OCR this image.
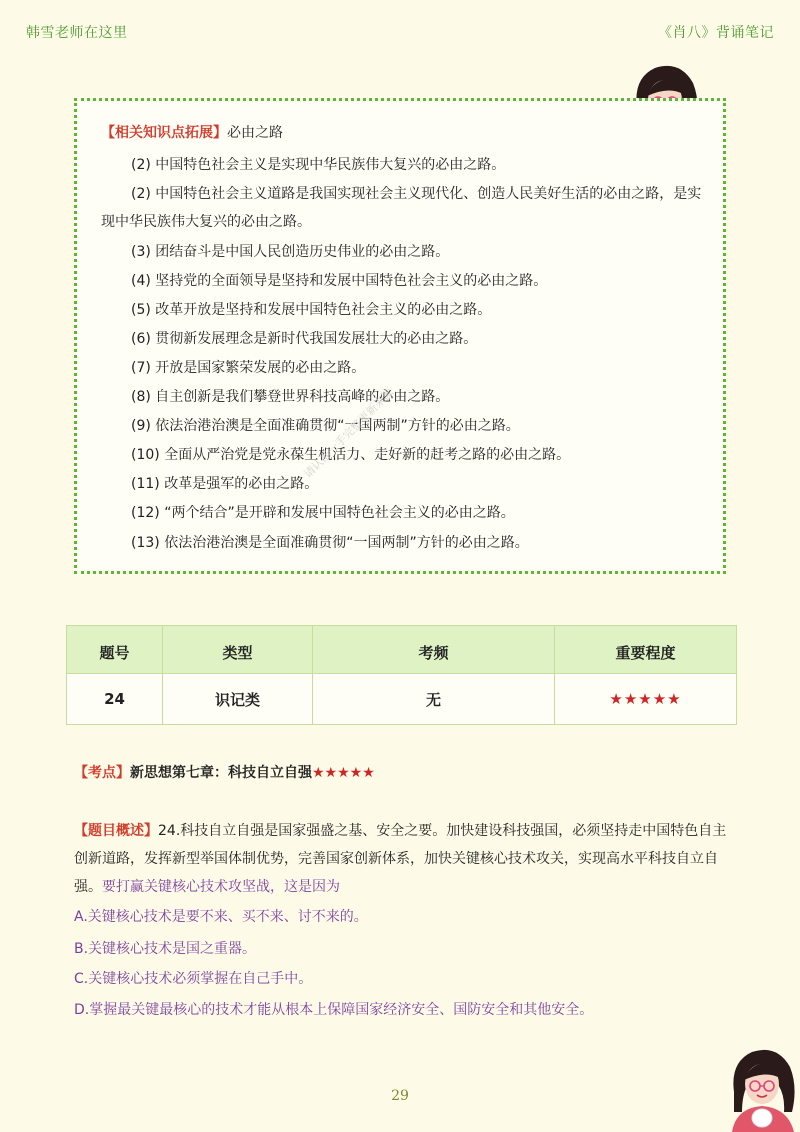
韩雪老师在这里	《肖八》背诵笔记
【相关知识点拓展】必由之路
(2) 中国特色社会主义是实现中华民族伟大复兴的必由之路。
(2) 中国特色社会主义道路是我国实现社会主义现代化、创造人民美好生活的必由之路，是实
现中华民族伟大复兴的必由之路。
(3) 团结奋斗是中国人民创造历史伟业的必由之路。
(4) 坚持党的全面领导是坚持和发展中国特色社会主义的必由之路。
(5) 改革开放是坚持和发展中国特色社会主义的必由之路。
(6) 贯彻新发展理念是新时代我国发展壮大的必由之路。
(7) 开放是国家繁荣发展的必由之路。
(8) 自主创新是我们攀登世界科技高峰的必由之路。
(9) 依法治港治澳是全面准确贯彻“一国两制”方针的必由之路。
(10) 全面从严治党是党永葆生机活力、走好新的赶考之路的必由之路。
(11) 改革是强军的必由之路。
(12) “两个结合”是开辟和发展中国特色社会主义的必由之路。
(13) 依法治港治澳是全面准确贯彻“一国两制”方针的必由之路。
请认准一手完整更新来源
题号	类型	考频	重要程度
24	识记类	无	★★★★★
【考点】新思想第七章：科技自立自强★★★★★
【题目概述】24.科技自立自强是国家强盛之基、安全之要。加快建设科技强国，必须坚持走中国特色自主创新道路，发挥新型举国体制优势，完善国家创新体系，加快关键核心技术攻关，实现高水平科技自立自强。要打赢关键核心技术攻坚战，这是因为
A.关键核心技术是要不来、买不来、讨不来的。
B.关键核心技术是国之重器。
C.关键核心技术必须掌握在自己手中。
D.掌握最关键最核心的技术才能从根本上保障国家经济安全、国防安全和其他安全。
29
